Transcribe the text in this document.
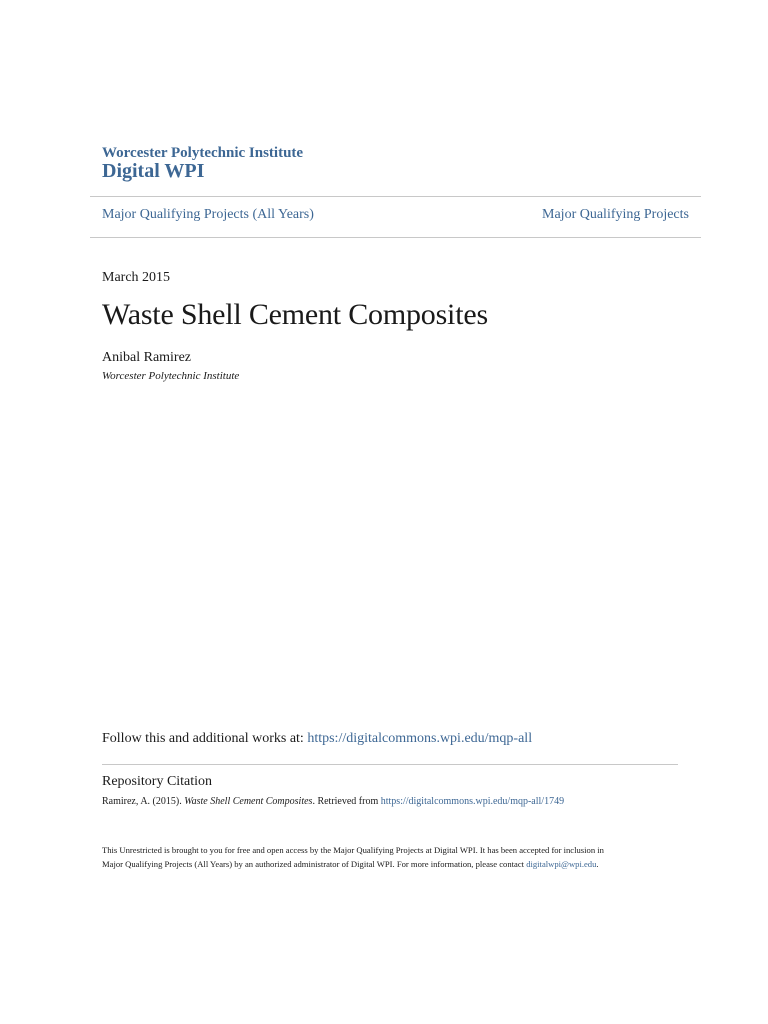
Worcester Polytechnic Institute
Digital WPI
Major Qualifying Projects (All Years)	Major Qualifying Projects
March 2015
Waste Shell Cement Composites
Anibal Ramirez
Worcester Polytechnic Institute
Follow this and additional works at: https://digitalcommons.wpi.edu/mqp-all
Repository Citation
Ramirez, A. (2015). Waste Shell Cement Composites. Retrieved from https://digitalcommons.wpi.edu/mqp-all/1749
This Unrestricted is brought to you for free and open access by the Major Qualifying Projects at Digital WPI. It has been accepted for inclusion in
Major Qualifying Projects (All Years) by an authorized administrator of Digital WPI. For more information, please contact digitalwpi@wpi.edu.
